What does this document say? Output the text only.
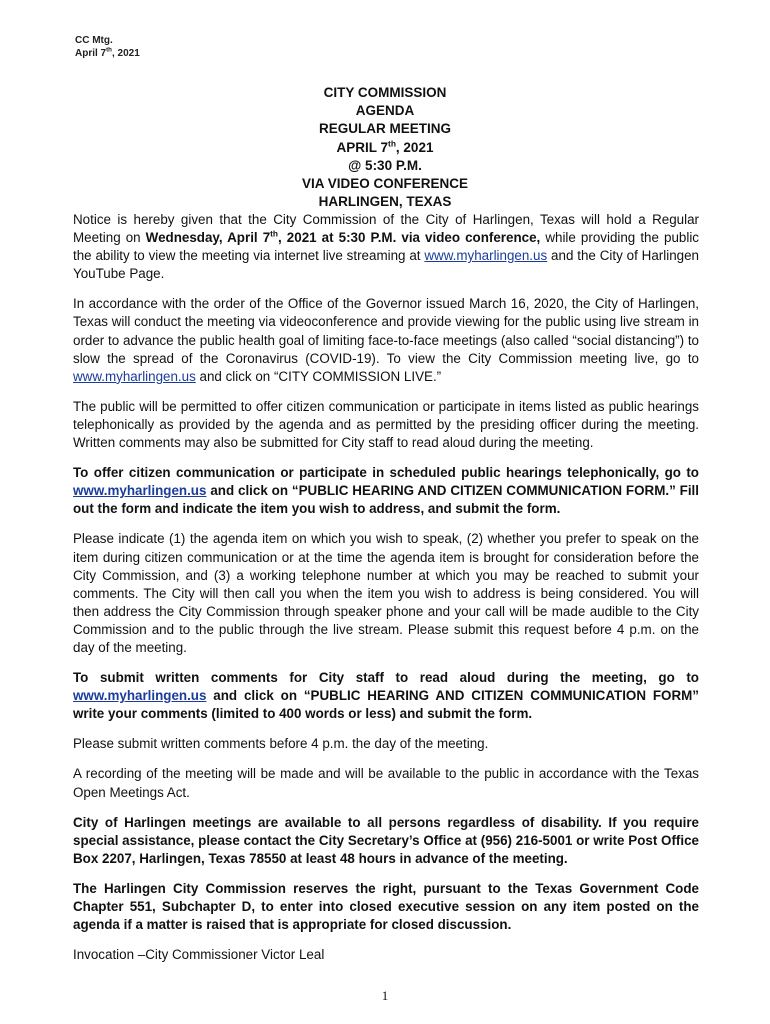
CC Mtg.
April 7th, 2021
CITY COMMISSION
AGENDA
REGULAR MEETING
APRIL 7th, 2021
@ 5:30 P.M.
VIA VIDEO CONFERENCE
HARLINGEN, TEXAS

Notice is hereby given that the City Commission of the City of Harlingen, Texas will hold a Regular Meeting on Wednesday, April 7th, 2021 at 5:30 P.M. via video conference, while providing the public the ability to view the meeting via internet live streaming at www.myharlingen.us and the City of Harlingen YouTube Page.

In accordance with the order of the Office of the Governor issued March 16, 2020, the City of Harlingen, Texas will conduct the meeting via videoconference and provide viewing for the public using live stream in order to advance the public health goal of limiting face-to-face meetings (also called “social distancing”) to slow the spread of the Coronavirus (COVID-19). To view the City Commission meeting live, go to www.myharlingen.us and click on “CITY COMMISSION LIVE.”

The public will be permitted to offer citizen communication or participate in items listed as public hearings telephonically as provided by the agenda and as permitted by the presiding officer during the meeting. Written comments may also be submitted for City staff to read aloud during the meeting.

To offer citizen communication or participate in scheduled public hearings telephonically, go to www.myharlingen.us and click on “PUBLIC HEARING AND CITIZEN COMMUNICATION FORM.” Fill out the form and indicate the item you wish to address, and submit the form.

Please indicate (1) the agenda item on which you wish to speak, (2) whether you prefer to speak on the item during citizen communication or at the time the agenda item is brought for consideration before the City Commission, and (3) a working telephone number at which you may be reached to submit your comments. The City will then call you when the item you wish to address is being considered. You will then address the City Commission through speaker phone and your call will be made audible to the City Commission and to the public through the live stream. Please submit this request before 4 p.m. on the day of the meeting.

To submit written comments for City staff to read aloud during the meeting, go to www.myharlingen.us and click on “PUBLIC HEARING AND CITIZEN COMMUNICATION FORM” write your comments (limited to 400 words or less) and submit the form.

Please submit written comments before 4 p.m. the day of the meeting.

A recording of the meeting will be made and will be available to the public in accordance with the Texas Open Meetings Act.

City of Harlingen meetings are available to all persons regardless of disability. If you require special assistance, please contact the City Secretary’s Office at (956) 216-5001 or write Post Office Box 2207, Harlingen, Texas 78550 at least 48 hours in advance of the meeting.

The Harlingen City Commission reserves the right, pursuant to the Texas Government Code Chapter 551, Subchapter D, to enter into closed executive session on any item posted on the agenda if a matter is raised that is appropriate for closed discussion.

Invocation –City Commissioner Victor Leal

1
